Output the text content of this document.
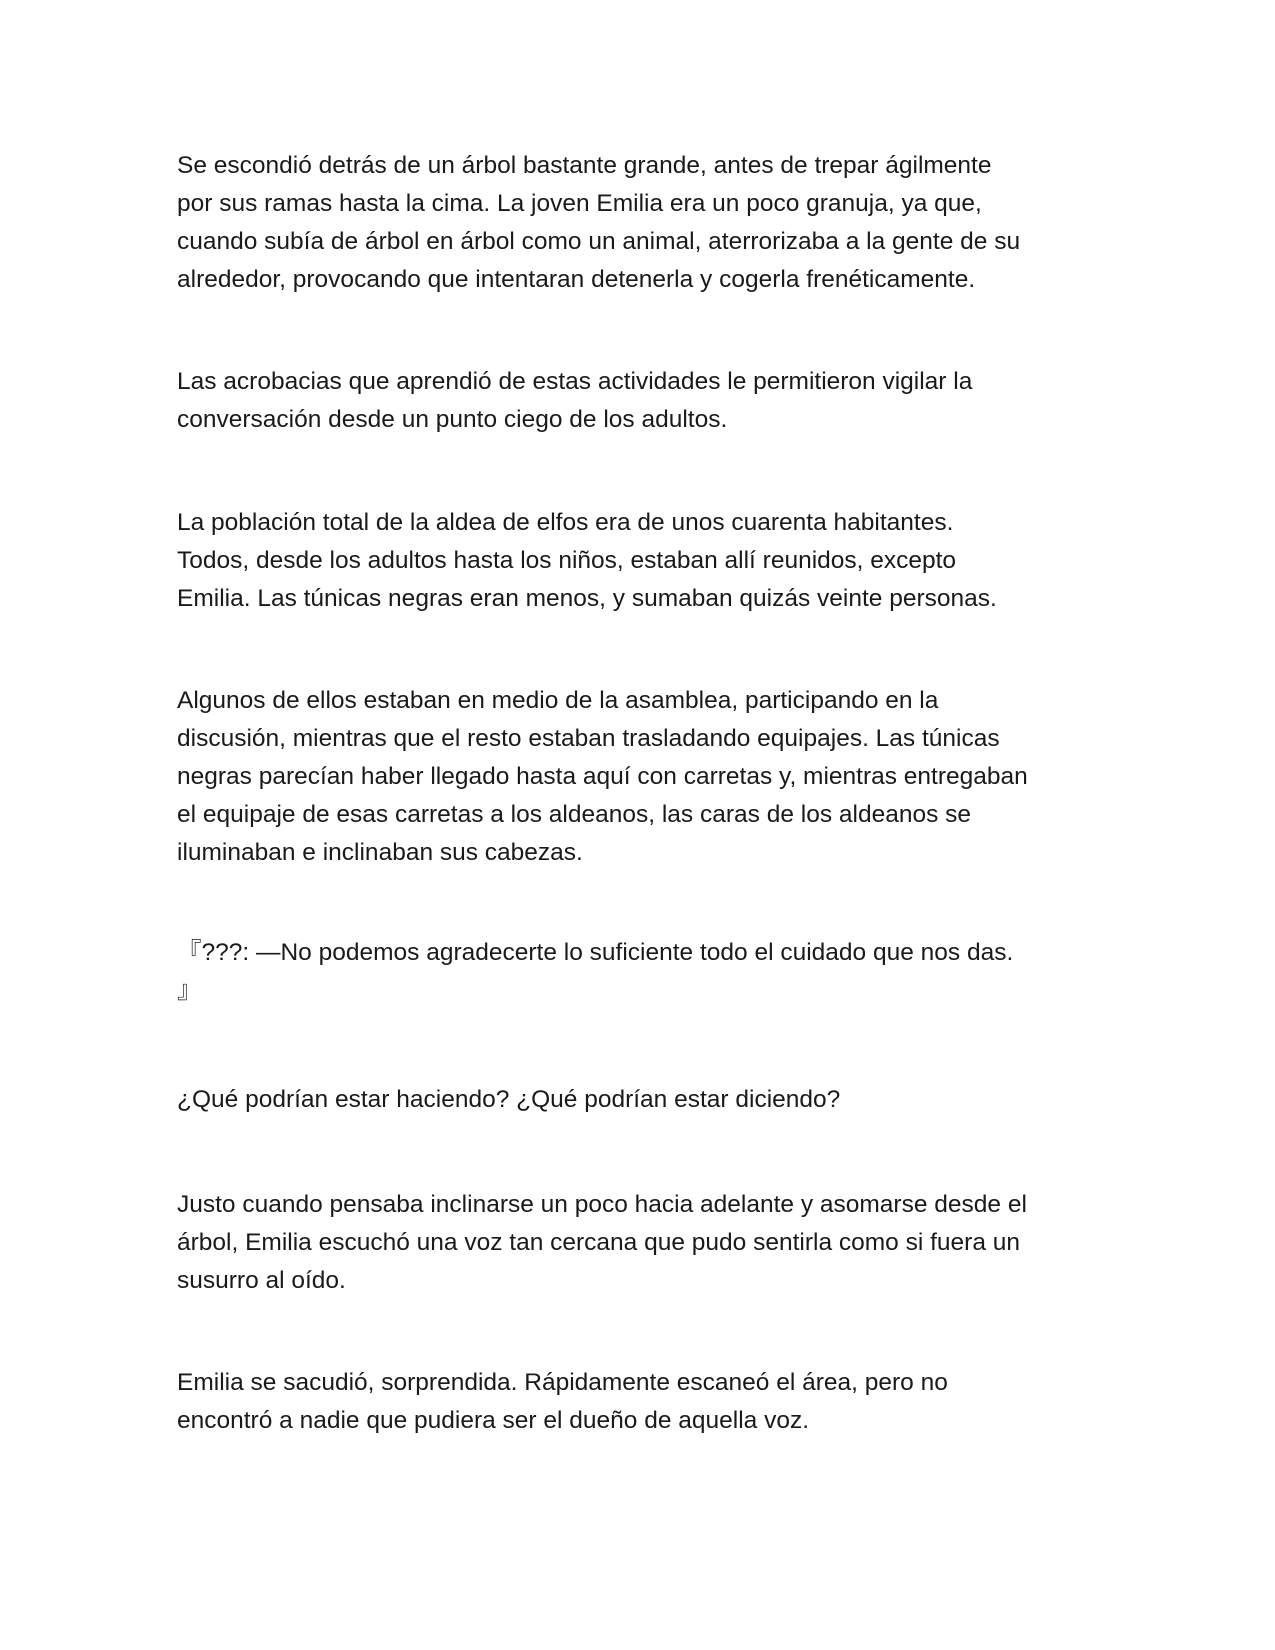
Se escondió detrás de un árbol bastante grande, antes de trepar ágilmente
por sus ramas hasta la cima. La joven Emilia era un poco granuja, ya que,
cuando subía de árbol en árbol como un animal, aterrorizaba a la gente de su
alrededor, provocando que intentaran detenerla y cogerla frenéticamente.

Las acrobacias que aprendió de estas actividades le permitieron vigilar la
conversación desde un punto ciego de los adultos.

La población total de la aldea de elfos era de unos cuarenta habitantes.
Todos, desde los adultos hasta los niños, estaban allí reunidos, excepto
Emilia. Las túnicas negras eran menos, y sumaban quizás veinte personas.

Algunos de ellos estaban en medio de la asamblea, participando en la
discusión, mientras que el resto estaban trasladando equipajes. Las túnicas
negras parecían haber llegado hasta aquí con carretas y, mientras entregaban
el equipaje de esas carretas a los aldeanos, las caras de los aldeanos se
iluminaban e inclinaban sus cabezas.

『???: —No podemos agradecerte lo suficiente todo el cuidado que nos das.
』

¿Qué podrían estar haciendo? ¿Qué podrían estar diciendo?

Justo cuando pensaba inclinarse un poco hacia adelante y asomarse desde el
árbol, Emilia escuchó una voz tan cercana que pudo sentirla como si fuera un
susurro al oído.

Emilia se sacudió, sorprendida. Rápidamente escaneó el área, pero no
encontró a nadie que pudiera ser el dueño de aquella voz.
